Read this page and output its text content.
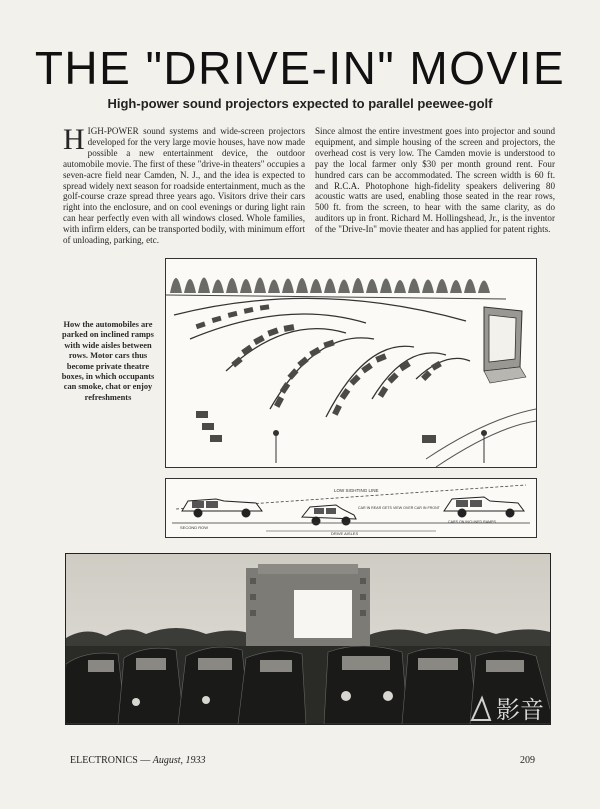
THE "DRIVE-IN" MOVIE
High-power sound projectors expected to parallel peewee-golf
HIGH-POWER sound systems and wide-screen projectors developed for the very large movie houses, have now made possible a new entertainment device, the outdoor automobile movie. The first of these "drive-in theaters" occupies a seven-acre field near Camden, N. J., and the idea is expected to spread widely next season for roadside entertainment, much as the golf-course craze spread three years ago. Visitors drive their cars right into the enclosure, and on cool evenings or during light rain can hear perfectly even with all windows closed. Whole families, with infirm elders, can be transported bodily, with minimum effort of unloading, parking, etc.
Since almost the entire investment goes into projector and sound equipment, and simple housing of the screen and projectors, the overhead cost is very low. The Camden movie is understood to pay the local farmer only $30 per month ground rent. Four hundred cars can be accommodated. The screen width is 60 ft. and R.C.A. Photophone high-fidelity speakers delivering 80 acoustic watts are used, enabling those seated in the rear rows, 500 ft. from the screen, to hear with the same clarity, as do auditors up in front. Richard M. Hollingshead, Jr., is the inventor of the "Drive-In" movie theater and has applied for patent rights.
How the automobiles are parked on inclined ramps with wide aisles between rows. Motor cars thus become private theatre boxes, in which occupants can smoke, chat or enjoy refreshments
LOW SIGHTING LINE
CAR IN REAR GETS VIEW OVER CAR IN FRONT
CARS ON INCLINED RAMPS
SECOND ROW
DRIVE AISLES
影音
ELECTRONICS — August, 1933	209
